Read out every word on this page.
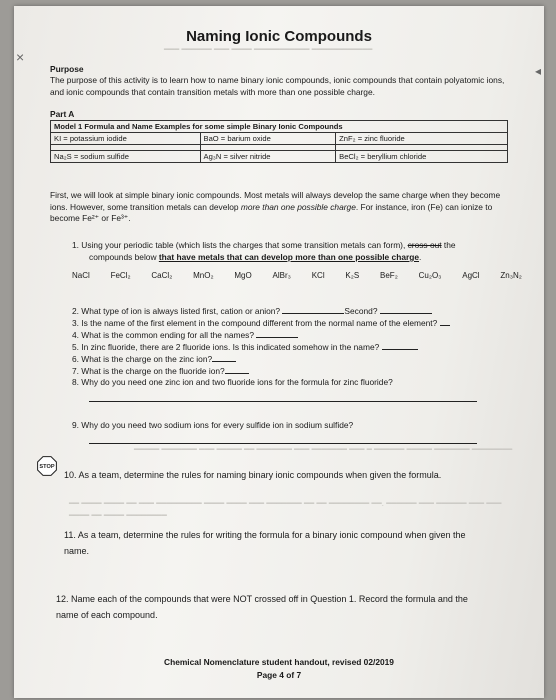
×
◂
━━━ ━━━━━━ ━━━ ━━━━ ━━━━━━━━━━━ ━━━━━━━━━━━━
━━━━━ ━━━━━━━ ━━━ ━━━━━ ━━ ━━━━━━━ ━━━ ━━━━━━━ ━━━ ━ ━━━━━━ ━━━━━ ━━━━━━━ ━━━━━━━━
━━ ━━━━ ━━━━ ━━ ━━━ ━━━━━━━━━ ━━━━ ━━━━ ━━━ ━━━━━━━ ━━ ━━ ━━━━━━━━ ━━. ━━━━━━ ━━━ ━━━━━━ ━━━ ━━━
━━━━ ━━ ━━━━ ━━━━━━━━
Naming Ionic Compounds
Purpose
The purpose of this activity is to learn how to name binary ionic compounds, ionic compounds that contain polyatomic ions, and ionic compounds that contain transition metals with more than one possible charge.
Part A
Model 1 Formula and Name Examples for some simple Binary Ionic Compounds		
KI = potassium iodide	BaO = barium oxide	ZnF₂ = zinc fluoride

Na₂S = sodium sulfide	Ag₃N = silver nitride	BeCl₂ = beryllium chloride
First, we will look at simple binary ionic compounds. Most metals will always develop the same charge when they become ions. However, some transition metals can develop more than one possible charge. For instance, iron (Fe) can ionize to become Fe²⁺ or Fe³⁺.
1. Using your periodic table (which lists the charges that some transition metals can form), cross out the
compounds below that have metals that can develop more than one possible charge.
NaCl	FeCl₂	CaCl₂	MnO₂	MgO	AlBr₃	KCl	K₂S	BeF₂	Cu₂O₃	AgCl	Zn₃N₂
2. What type of ion is always listed first, cation or anion?	Second?
3. Is the name of the first element in the compound different from the normal name of the element?
4. What is the common ending for all the names?
5. In zinc fluoride, there are 2 fluoride ions. Is this indicated somehow in the name?
6. What is the charge on the zinc ion?
7. What is the charge on the fluoride ion?
8. Why do you need one zinc ion and two fluoride ions for the formula for zinc fluoride?
9. Why do you need two sodium ions for every sulfide ion in sodium sulfide?
STOP
10. As a team, determine the rules for naming binary ionic compounds when given the formula.
11. As a team, determine the rules for writing the formula for a binary ionic compound when given the
name.
12. Name each of the compounds that were NOT crossed off in Question 1. Record the formula and the
name of each compound.
Chemical Nomenclature student handout, revised 02/2019
Page 4 of 7
